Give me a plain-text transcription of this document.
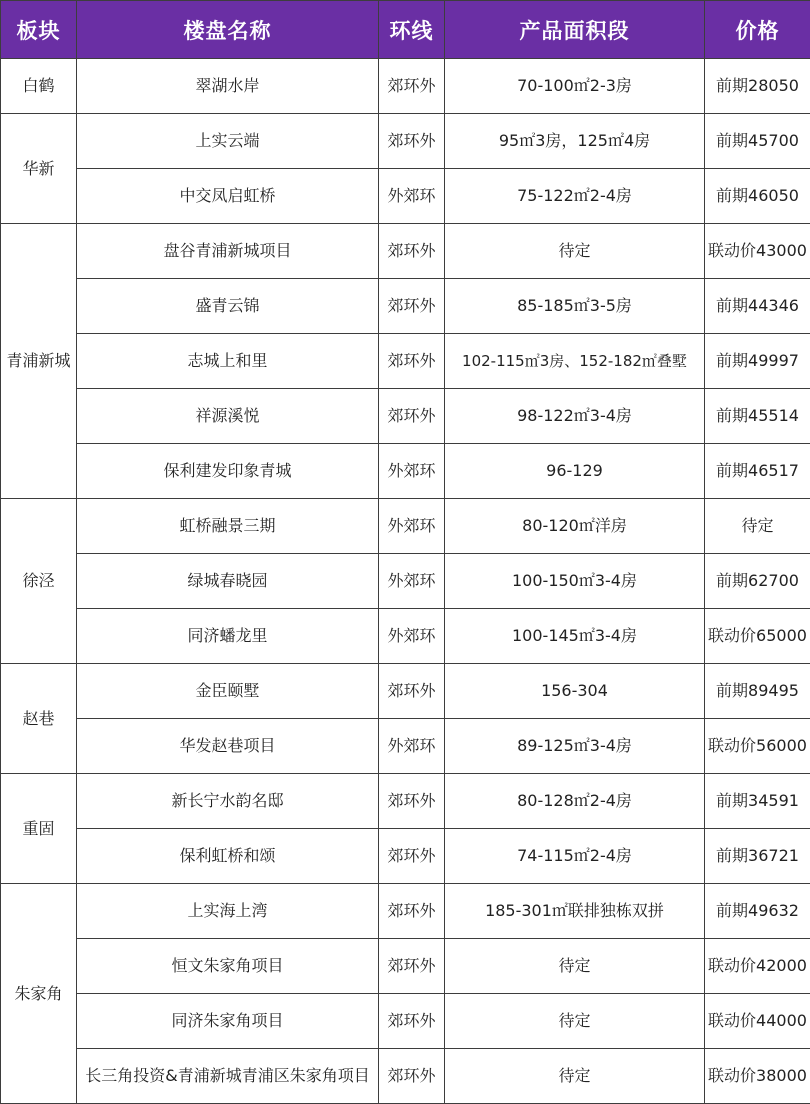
板块	楼盘名称	环线	产品面积段	价格
白鹤	翠湖水岸	郊环外	70-100㎡2-3房	前期28050
华新	上实云端	郊环外	95㎡3房，125㎡4房	前期45700
	中交凤启虹桥	外郊环	75-122㎡2-4房	前期46050
青浦新城	盘谷青浦新城项目	郊环外	待定	联动价43000
	盛青云锦	郊环外	85-185㎡3-5房	前期44346
	志城上和里	郊环外	102-115㎡3房、152-182㎡叠墅	前期49997
	祥源溪悦	郊环外	98-122㎡3-4房	前期45514
	保利建发印象青城	外郊环	96-129	前期46517
徐泾	虹桥融景三期	外郊环	80-120㎡洋房	待定
	绿城春晓园	外郊环	100-150㎡3-4房	前期62700
	同济蟠龙里	外郊环	100-145㎡3-4房	联动价65000
赵巷	金臣颐墅	郊环外	156-304	前期89495
	华发赵巷项目	外郊环	89-125㎡3-4房	联动价56000
重固	新长宁水韵名邸	郊环外	80-128㎡2-4房	前期34591
	保利虹桥和颂	郊环外	74-115㎡2-4房	前期36721
朱家角	上实海上湾	郊环外	185-301㎡联排独栋双拼	前期49632
	恒文朱家角项目	郊环外	待定	联动价42000
	同济朱家角项目	郊环外	待定	联动价44000
	长三角投资&青浦新城青浦区朱家角项目	郊环外	待定	联动价38000
